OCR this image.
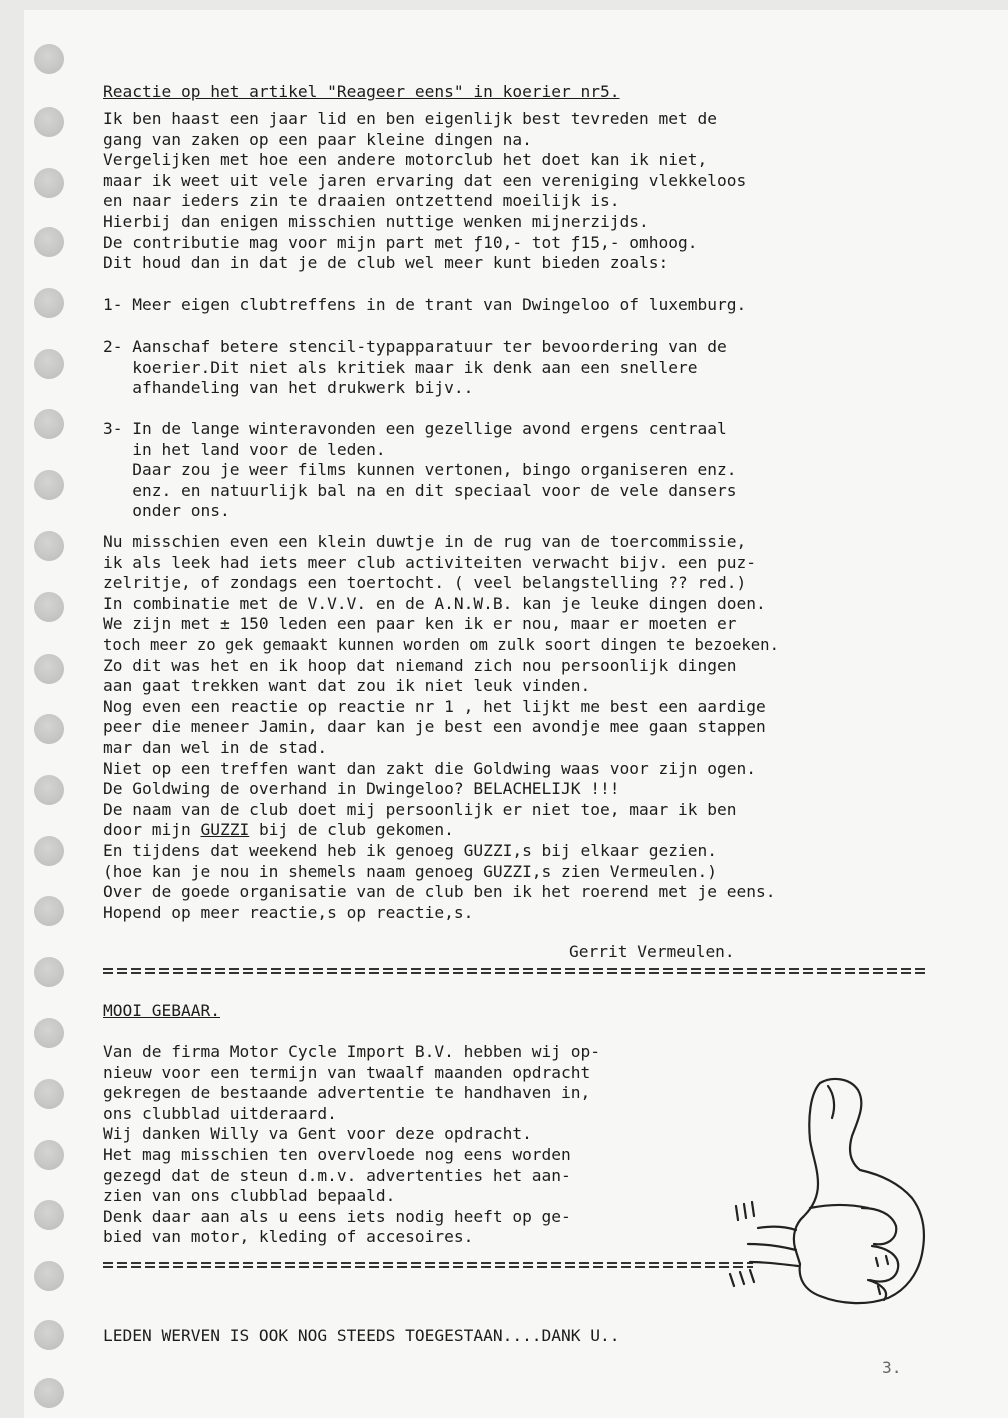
Reactie op het artikel "Reageer eens" in koerier nr5.
Ik ben haast een jaar lid en ben eigenlijk best tevreden met de
gang van zaken op een paar kleine dingen na.
Vergelijken met hoe een andere motorclub het doet kan ik niet,
maar ik weet uit vele jaren ervaring dat een vereniging vlekkeloos
en naar ieders zin te draaien ontzettend moeilijk is.
Hierbij dan enigen misschien nuttige wenken mijnerzijds.
De contributie mag voor mijn part met ƒ10,- tot ƒ15,- omhoog.
Dit houd dan in dat je de club wel meer kunt bieden zoals:
1- Meer eigen clubtreffens in de trant van Dwingeloo of luxemburg.
2- Aanschaf betere stencil-typapparatuur ter bevoordering van de
koerier.Dit niet als kritiek maar ik denk aan een snellere
afhandeling van het drukwerk bijv..
3- In de lange winteravonden een gezellige avond ergens centraal
in het land voor de leden.
Daar zou je weer films kunnen vertonen, bingo organiseren enz.
enz. en natuurlijk bal na en dit speciaal voor de vele dansers
onder ons.
Nu misschien even een klein duwtje in de rug van de toercommissie,
ik als leek had iets meer club activiteiten verwacht bijv. een puz-
zelritje, of zondags een toertocht. ( veel belangstelling ?? red.)
In combinatie met de V.V.V. en de A.N.W.B. kan je leuke dingen doen.
We zijn met ± 150 leden een paar ken ik er nou, maar er moeten er
toch meer zo gek gemaakt kunnen worden om zulk soort dingen te bezoeken.
Zo dit was het en ik hoop dat niemand zich nou persoonlijk dingen
aan gaat trekken want dat zou ik niet leuk vinden.
Nog even een reactie op reactie nr 1 , het lijkt me best een aardige
peer die meneer Jamin, daar kan je best een avondje mee gaan stappen
mar dan wel in de stad.
Niet op een treffen want dan zakt die Goldwing waas voor zijn ogen.
De Goldwing de overhand in Dwingeloo? BELACHELIJK !!!
De naam van de club doet mij persoonlijk er niet toe, maar ik ben
door mijn GUZZI bij de club gekomen.
En tijdens dat weekend heb ik genoeg GUZZI,s bij elkaar gezien.
(hoe kan je nou in shemels naam genoeg GUZZI,s zien Vermeulen.)
Over de goede organisatie van de club ben ik het roerend met je eens.
Hopend op meer reactie,s op reactie,s.
Gerrit Vermeulen.
MOOI GEBAAR.
Van de firma Motor Cycle Import B.V. hebben wij op-
nieuw voor een termijn van twaalf maanden opdracht
gekregen de bestaande advertentie te handhaven in,
ons clubblad uitderaard.
Wij danken Willy va Gent voor deze opdracht.
Het mag misschien ten overvloede nog eens worden
gezegd dat de steun d.m.v. advertenties het aan-
zien van ons clubblad bepaald.
Denk daar aan als u eens iets nodig heeft op ge-
bied van motor, kleding of accesoires.
LEDEN WERVEN IS OOK NOG STEEDS TOEGESTAAN....DANK U..
3.
